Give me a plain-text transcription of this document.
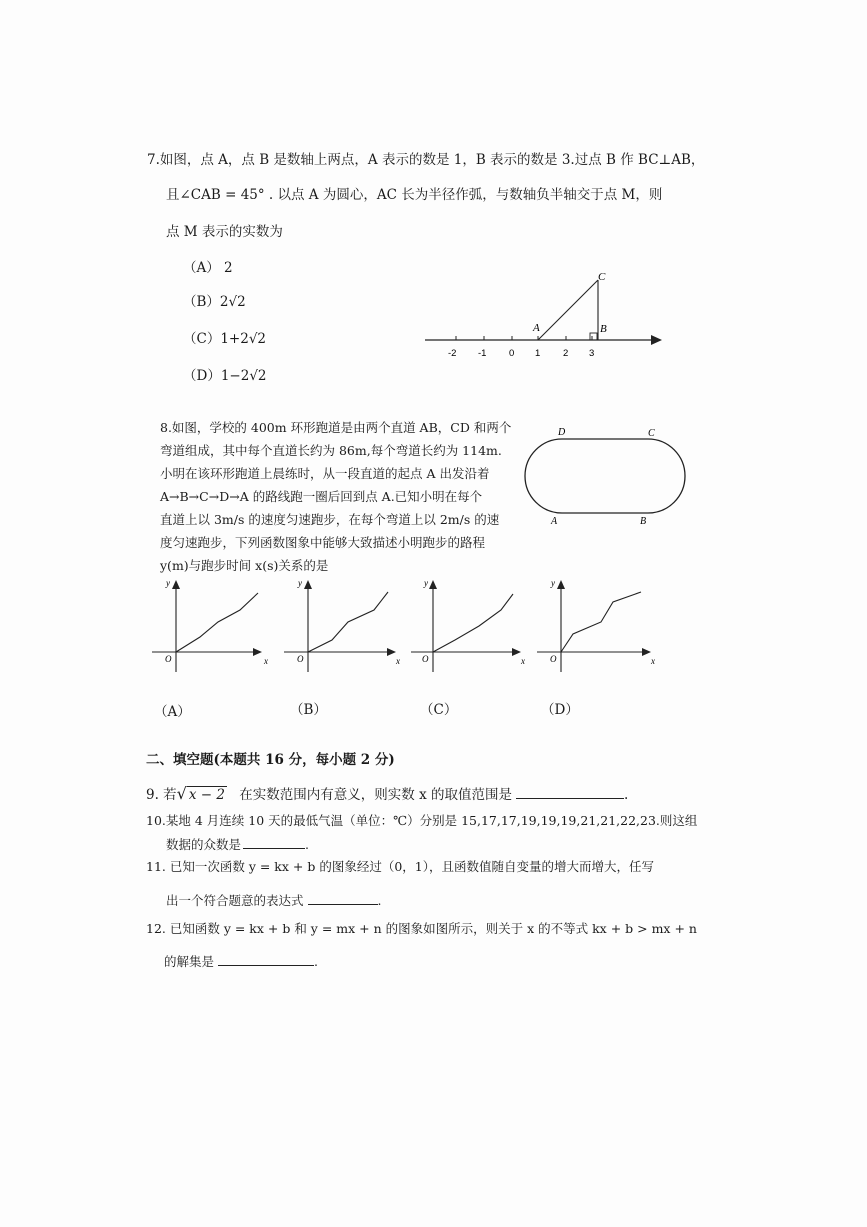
7.如图，点 A，点 B 是数轴上两点，A 表示的数是 1，B 表示的数是 3.过点 B 作 BC⊥AB，
且∠CAB = 45° . 以点 A 为圆心，AC 长为半径作弧，与数轴负半轴交于点 M，则
点 M 表示的实数为
（A） 2
（B）2√2
（C）1+2√2
（D）1−2√2
-2 -1 0 1 2 3
A	B
C
8.如图，学校的 400m 环形跑道是由两个直道 AB，CD 和两个
弯道组成，其中每个直道长约为 86m,每个弯道长约为 114m.
小明在该环形跑道上晨练时，从一段直道的起点 A 出发沿着
A→B→C→D→A 的路线跑一圈后回到点 A.已知小明在每个
直道上以 3m/s 的速度匀速跑步，在每个弯道上以 2m/s 的速
度匀速跑步，下列函数图象中能够大致描述小明跑步的路程
y(m)与跑步时间 x(s)关系的是
D	C
A	B
y
x
O
y
x
O
y
x
O
y
x
O
（A）	（B）	（C）	（D）
二、填空题(本题共 16 分，每小题 2 分)
9. 若√ x − 2 在实数范围内有意义，则实数 x 的取值范围是	.
10.某地 4 月连续 10 天的最低气温（单位：℃）分别是 15,17,17,19,19,19,21,21,22,23.则这组
数据的众数是	.
11. 已知一次函数 y = kx + b 的图象经过（0，1），且函数值随自变量的增大而增大，任写
出一个符合题意的表达式	.
12. 已知函数 y = kx + b 和 y = mx + n 的图象如图所示，则关于 x 的不等式 kx + b > mx + n
的解集是	.
